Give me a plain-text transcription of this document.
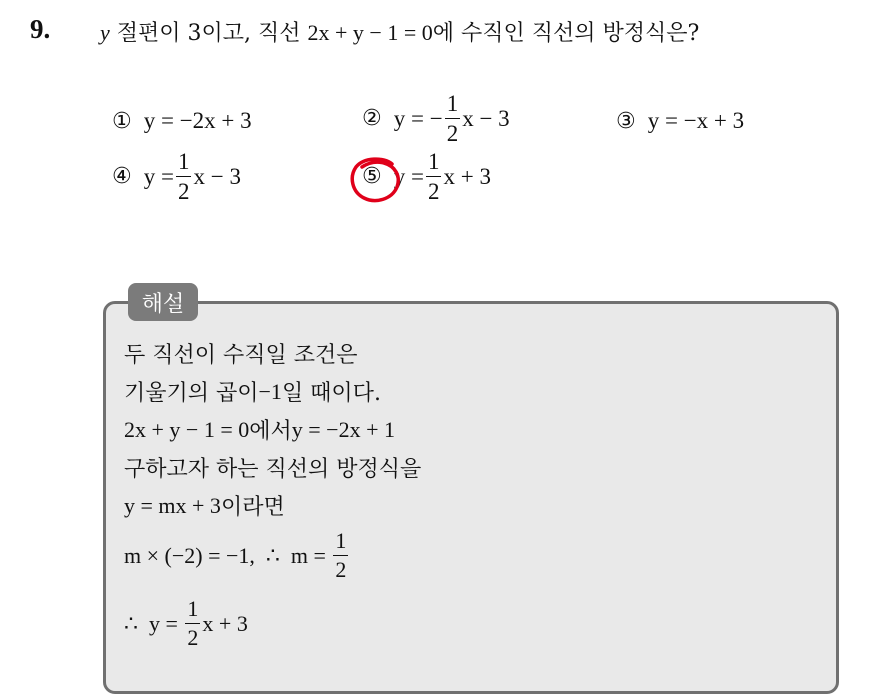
9. y 절편이 3이고, 직선 2x + y − 1 = 0에 수직인 직선의 방정식은?
① y = −2x + 3	② y = − $\frac{1}{2}$ x − 3	③ y = −x + 3
④ $y = \frac{1}{2}$ x − 3	⑤ $y = \frac{1}{2}$ x + 3
해설
두 직선이 수직일 조건은
기울기의 곱이 −1 일 때이다.
2x + y − 1 = 0 에서 y = −2x + 1
구하고자 하는 직선의 방정식을
y = mx + 3 이라면
m × (−2) = −1,  ∴  $m = \frac{1}{2}$
∴  $y = \frac{1}{2}$ x + 3
